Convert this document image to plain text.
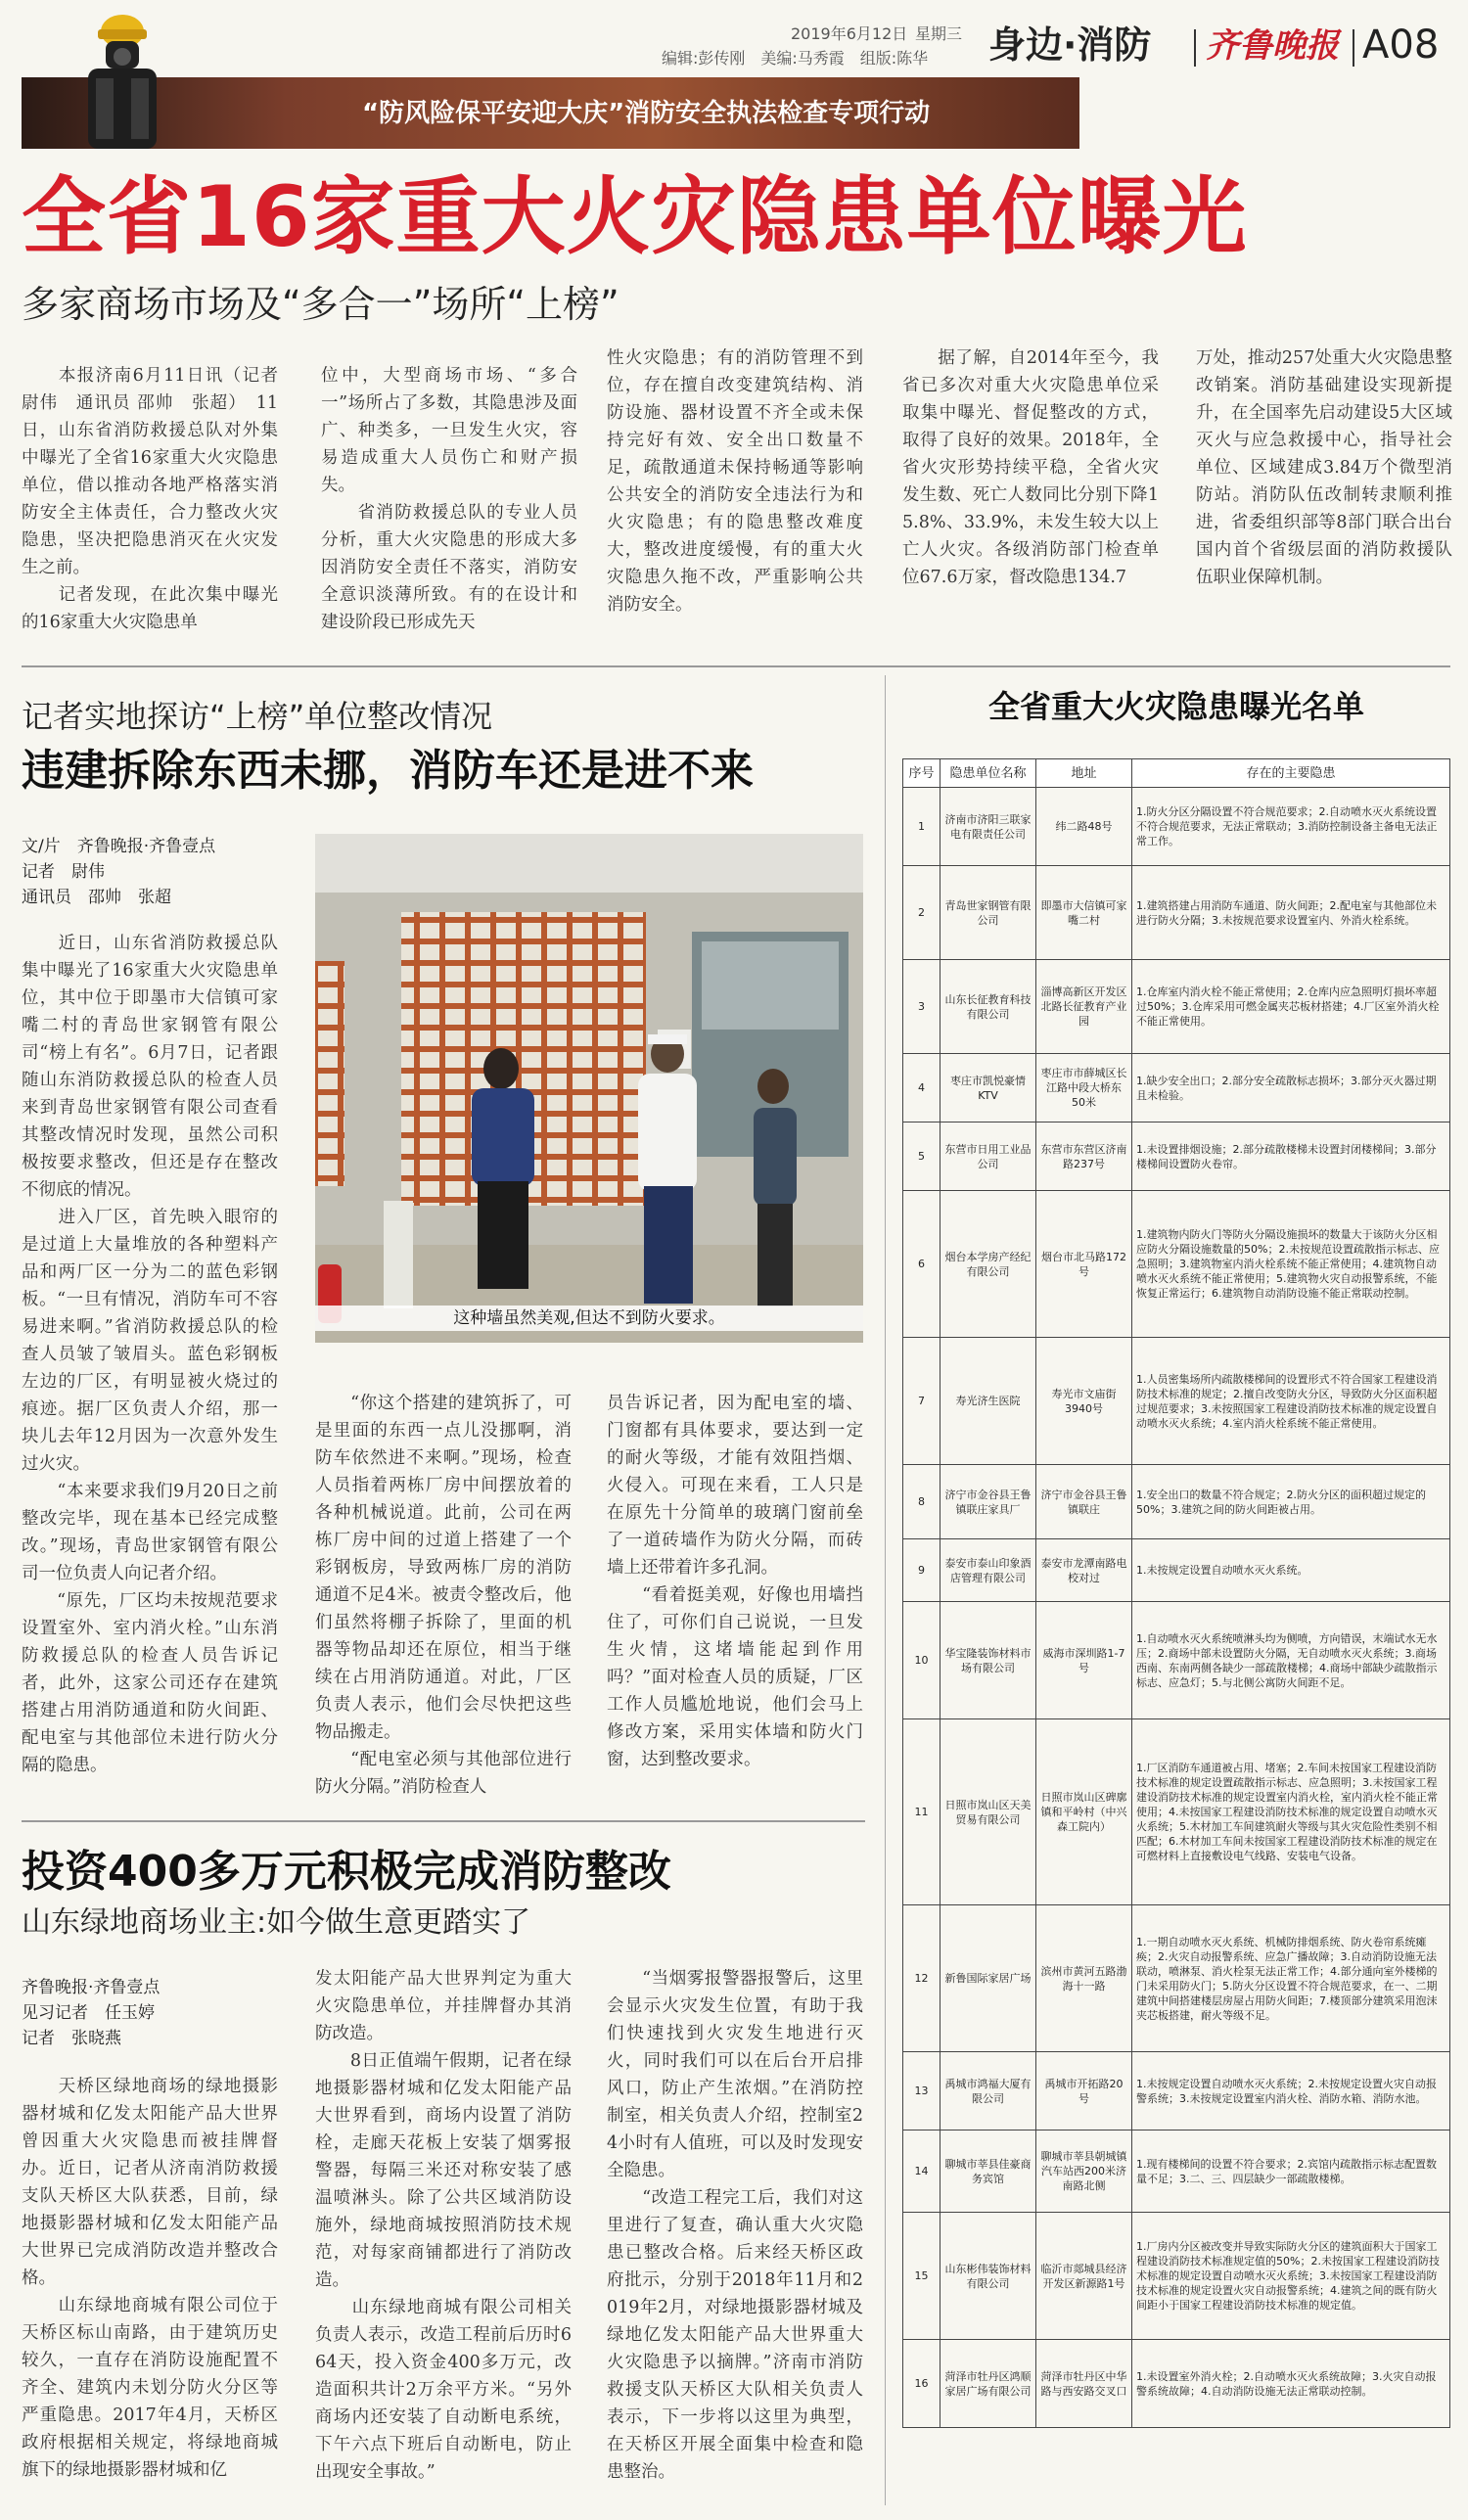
“防风险保平安迎大庆”消防安全执法检查专项行动
2019年6月12日 星期三
编辑:彭传刚　美编:马秀霞　组版:陈华 身边·消防 齐鲁晚报 A08
全省16家重大火灾隐患单位曝光
多家商场市场及“多合一”场所“上榜”
　　本报济南6月11日讯（记者 尉伟　通讯员 邵帅　张超）　11日，山东省消防救援总队对外集中曝光了全省16家重大火灾隐患单位，借以推动各地严格落实消防安全主体责任，合力整改火灾隐患，坚决把隐患消灭在火灾发生之前。
　　记者发现，在此次集中曝光的16家重大火灾隐患单
位中，大型商场市场、“多合一”场所占了多数，其隐患涉及面广、种类多，一旦发生火灾，容易造成重大人员伤亡和财产损失。
　　省消防救援总队的专业人员分析，重大火灾隐患的形成大多因消防安全责任不落实，消防安全意识淡薄所致。有的在设计和建设阶段已形成先天
性火灾隐患；有的消防管理不到位，存在擅自改变建筑结构、消防设施、器材设置不齐全或未保持完好有效、安全出口数量不足，疏散通道未保持畅通等影响公共安全的消防安全违法行为和火灾隐患；有的隐患整改难度大，整改进度缓慢，有的重大火灾隐患久拖不改，严重影响公共消防安全。
　　据了解，自2014年至今，我省已多次对重大火灾隐患单位采取集中曝光、督促整改的方式，取得了良好的效果。2018年，全省火灾形势持续平稳，全省火灾发生数、死亡人数同比分别下降15.8%、33.9%，未发生较大以上亡人火灾。各级消防部门检查单位67.6万家，督改隐患134.7
万处，推动257处重大火灾隐患整改销案。消防基础建设实现新提升，在全国率先启动建设5大区域灭火与应急救援中心，指导社会单位、区域建成3.84万个微型消防站。消防队伍改制转隶顺利推进，省委组织部等8部门联合出台国内首个省级层面的消防救援队伍职业保障机制。
记者实地探访“上榜”单位整改情况
违建拆除东西未挪，消防车还是进不来
文/片　齐鲁晚报·齐鲁壹点
记者　尉伟
通讯员　邵帅　张超
这种墙虽然美观,但达不到防火要求。
　　近日，山东省消防救援总队集中曝光了16家重大火灾隐患单位，其中位于即墨市大信镇可家嘴二村的青岛世家钢管有限公司“榜上有名”。6月7日，记者跟随山东消防救援总队的检查人员来到青岛世家钢管有限公司查看其整改情况时发现，虽然公司积极按要求整改，但还是存在整改不彻底的情况。
　　进入厂区，首先映入眼帘的是过道上大量堆放的各种塑料产品和两厂区一分为二的蓝色彩钢板。“一旦有情况，消防车可不容易进来啊。”省消防救援总队的检查人员皱了皱眉头。蓝色彩钢板左边的厂区，有明显被火烧过的痕迹。据厂区负责人介绍，那一块儿去年12月因为一次意外发生过火灾。
　　“本来要求我们9月20日之前整改完毕，现在基本已经完成整改。”现场，青岛世家钢管有限公司一位负责人向记者介绍。
　　“原先，厂区均未按规范要求设置室外、室内消火栓。”山东消防救援总队的检查人员告诉记者，此外，这家公司还存在建筑搭建占用消防通道和防火间距、配电室与其他部位未进行防火分隔的隐患。
　　“你这个搭建的建筑拆了，可是里面的东西一点儿没挪啊，消防车依然进不来啊。”现场，检查人员指着两栋厂房中间摆放着的各种机械说道。此前，公司在两栋厂房中间的过道上搭建了一个彩钢板房，导致两栋厂房的消防通道不足4米。被责令整改后，他们虽然将棚子拆除了，里面的机器等物品却还在原位，相当于继续在占用消防通道。对此，厂区负责人表示，他们会尽快把这些物品搬走。
　　“配电室必须与其他部位进行防火分隔。”消防检查人
员告诉记者，因为配电室的墙、门窗都有具体要求，要达到一定的耐火等级，才能有效阻挡烟、火侵入。可现在来看，工人只是在原先十分简单的玻璃门窗前垒了一道砖墙作为防火分隔，而砖墙上还带着许多孔洞。
　　“看着挺美观，好像也用墙挡住了，可你们自己说说，一旦发生火情，这堵墙能起到作用吗？”面对检查人员的质疑，厂区工作人员尴尬地说，他们会马上修改方案，采用实体墙和防火门窗，达到整改要求。
投资400多万元积极完成消防整改
山东绿地商场业主:如今做生意更踏实了
齐鲁晚报·齐鲁壹点
见习记者　任玉婷
记者　张晓燕
　　天桥区绿地商场的绿地摄影器材城和亿发太阳能产品大世界曾因重大火灾隐患而被挂牌督办。近日，记者从济南消防救援支队天桥区大队获悉，目前，绿地摄影器材城和亿发太阳能产品大世界已完成消防改造并整改合格。
　　山东绿地商城有限公司位于天桥区标山南路，由于建筑历史较久，一直存在消防设施配置不齐全、建筑内未划分防火分区等严重隐患。2017年4月，天桥区政府根据相关规定，将绿地商城旗下的绿地摄影器材城和亿
发太阳能产品大世界判定为重大火灾隐患单位，并挂牌督办其消防改造。
　　8日正值端午假期，记者在绿地摄影器材城和亿发太阳能产品大世界看到，商场内设置了消防栓，走廊天花板上安装了烟雾报警器，每隔三米还对称安装了感温喷淋头。除了公共区域消防设施外，绿地商城按照消防技术规范，对每家商铺都进行了消防改造。
　　山东绿地商城有限公司相关负责人表示，改造工程前后历时664天，投入资金400多万元，改造面积共计2万余平方米。“另外商场内还安装了自动断电系统，下午六点下班后自动断电，防止出现安全事故。”
　　“当烟雾报警器报警后，这里会显示火灾发生位置，有助于我们快速找到火灾发生地进行灭火，同时我们可以在后台开启排风口，防止产生浓烟。”在消防控制室，相关负责人介绍，控制室24小时有人值班，可以及时发现安全隐患。
　　“改造工程完工后，我们对这里进行了复查，确认重大火灾隐患已整改合格。后来经天桥区政府批示，分别于2018年11月和2019年2月，对绿地摄影器材城及绿地亿发太阳能产品大世界重大火灾隐患予以摘牌。”济南市消防救援支队天桥区大队相关负责人表示，下一步将以这里为典型，在天桥区开展全面集中检查和隐患整治。
全省重大火灾隐患曝光名单
序号	隐患单位名称	地址	存在的主要隐患
1	济南市济阳三联家电有限责任公司	纬二路48号	1.防火分区分隔设置不符合规范要求；2.自动喷水灭火系统设置不符合规范要求，无法正常联动；3.消防控制设备主备电无法正常工作。
2	青岛世家钢管有限公司	即墨市大信镇可家嘴二村	1.建筑搭建占用消防车通道、防火间距；2.配电室与其他部位未进行防火分隔；3.未按规范要求设置室内、外消火栓系统。
3	山东长征教育科技有限公司	淄博高新区开发区北路长征教育产业园	1.仓库室内消火栓不能正常使用；2.仓库内应急照明灯损坏率超过50%；3.仓库采用可燃金属夹芯板材搭建；4.厂区室外消火栓不能正常使用。
4	枣庄市凯悦豪情KTV	枣庄市市薛城区长江路中段大桥东50米	1.缺少安全出口；2.部分安全疏散标志损坏；3.部分灭火器过期且未检验。
5	东营市日用工业品公司	东营市东营区济南路237号	1.未设置排烟设施；2.部分疏散楼梯未设置封闭楼梯间；3.部分楼梯间设置防火卷帘。
6	烟台本学房产经纪有限公司	烟台市北马路172号	1.建筑物内防火门等防火分隔设施损坏的数量大于该防火分区相应防火分隔设施数量的50%；2.未按规范设置疏散指示标志、应急照明；3.建筑物室内消火栓系统不能正常使用；4.建筑物自动喷水灭火系统不能正常使用；5.建筑物火灾自动报警系统，不能恢复正常运行；6.建筑物自动消防设施不能正常联动控制。
7	寿光济生医院	寿光市文庙街3940号	1.人员密集场所内疏散楼梯间的设置形式不符合国家工程建设消防技术标准的规定；2.擅自改变防火分区，导致防火分区面积超过规范要求；3.未按照国家工程建设消防技术标准的规定设置自动喷水灭火系统；4.室内消火栓系统不能正常使用。
8	济宁市金谷县王鲁镇联庄家具厂	济宁市金谷县王鲁镇联庄	1.安全出口的数量不符合规定；2.防火分区的面积超过规定的50%；3.建筑之间的防火间距被占用。
9	泰安市泰山印象酒店管理有限公司	泰安市龙潭南路电校对过	1.未按规定设置自动喷水灭火系统。
10	华宝隆装饰材料市场有限公司	威海市深圳路1-7号	1.自动喷水灭火系统喷淋头均为侧喷，方向错误，末端试水无水压；2.商场中部未设置防火分隔，无自动喷水灭火系统；3.商场西南、东南两侧各缺少一部疏散楼梯；4.商场中部缺少疏散指示标志、应急灯；5.与北侧公寓防火间距不足。
11	日照市岚山区天美贸易有限公司	日照市岚山区碑廓镇和平岭村（中兴森工院内）	1.厂区消防车通道被占用、堵塞；2.车间未按国家工程建设消防技术标准的规定设置疏散指示标志、应急照明；3.未按国家工程建设消防技术标准的规定设置室内消火栓，室内消火栓不能正常使用；4.未按国家工程建设消防技术标准的规定设置自动喷水灭火系统；5.木材加工车间建筑耐火等级与其火灾危险性类别不相匹配；6.木材加工车间未按国家工程建设消防技术标准的规定在可燃材料上直接敷设电气线路、安装电气设备。
12	新鲁国际家居广场	滨州市黄河五路渤海十一路	1.一期自动喷水灭火系统、机械防排烟系统、防火卷帘系统瘫痪；2.火灾自动报警系统、应急广播故障；3.自动消防设施无法联动，喷淋泵、消火栓泵无法正常工作；4.部分通向室外楼梯的门未采用防火门；5.防火分区设置不符合规范要求，在一、二期建筑中间搭建楼层房屋占用防火间距；7.楼顶部分建筑采用泡沫夹芯板搭建，耐火等级不足。
13	禹城市鸿福大厦有限公司	禹城市开拓路20号	1.未按规定设置自动喷水灭火系统；2.未按规定设置火灾自动报警系统；3.未按规定设置室内消火栓、消防水箱、消防水池。
14	聊城市莘县佳豪商务宾馆	聊城市莘县朝城镇汽车站西200米济南路北侧	1.现有楼梯间的设置不符合要求；2.宾馆内疏散指示标志配置数量不足；3.二、三、四层缺少一部疏散楼梯。
15	山东彬伟装饰材料有限公司	临沂市郯城县经济开发区新源路1号	1.厂房内分区被改变并导致实际防火分区的建筑面积大于国家工程建设消防技术标准规定值的50%；2.未按国家工程建设消防技术标准的规定设置自动喷水灭火系统；3.未按国家工程建设消防技术标准的规定设置火灾自动报警系统；4.建筑之间的既有防火间距小于国家工程建设消防技术标准的规定值。
16	菏泽市牡丹区鸿顺家居广场有限公司	菏泽市牡丹区中华路与西安路交叉口	1.未设置室外消火栓；2.自动喷水灭火系统故障；3.火灾自动报警系统故障；4.自动消防设施无法正常联动控制。
